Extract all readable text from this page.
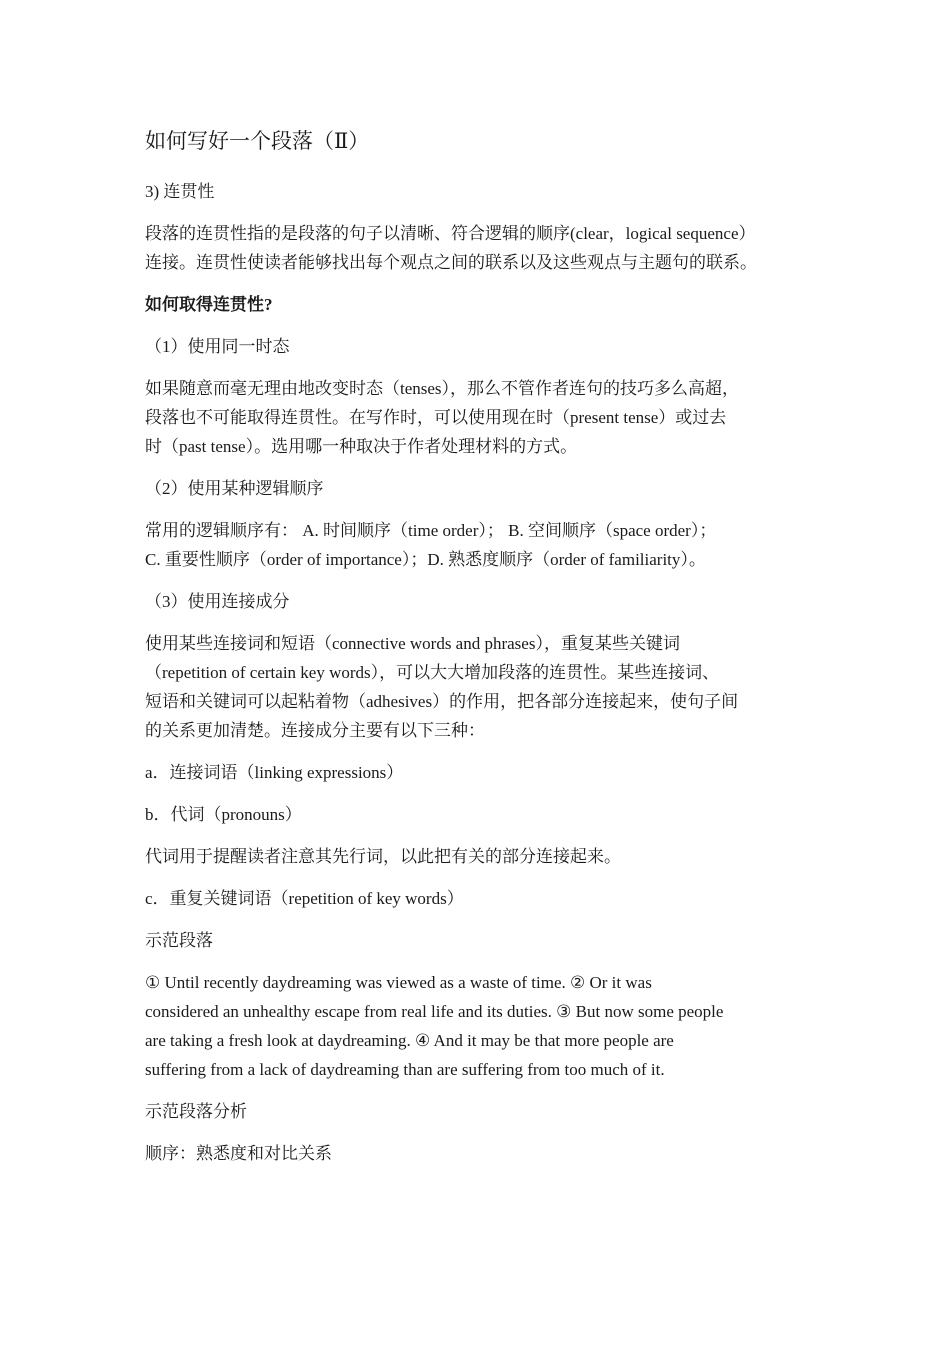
如何写好一个段落（Ⅱ）
3) 连贯性
段落的连贯性指的是段落的句子以清晰、符合逻辑的顺序(clear，logical sequence）
连接。连贯性使读者能够找出每个观点之间的联系以及这些观点与主题句的联系。
如何取得连贯性?
（1）使用同一时态
如果随意而毫无理由地改变时态（tenses），那么不管作者连句的技巧多么高超，
段落也不可能取得连贯性。在写作时，可以使用现在时（present tense）或过去
时（past tense）。选用哪一种取决于作者处理材料的方式。
（2）使用某种逻辑顺序
常用的逻辑顺序有： A. 时间顺序（time order）； B. 空间顺序（space order）；
C. 重要性顺序（order of importance）；D. 熟悉度顺序（order of familiarity）。
（3）使用连接成分
使用某些连接词和短语（connective words and phrases），重复某些关键词
（repetition of certain key words），可以大大增加段落的连贯性。某些连接词、
短语和关键词可以起粘着物（adhesives）的作用，把各部分连接起来，使句子间
的关系更加清楚。连接成分主要有以下三种：
a．连接词语（linking expressions）
b．代词（pronouns）
代词用于提醒读者注意其先行词，以此把有关的部分连接起来。
c．重复关键词语（repetition of key words）
示范段落
① Until recently daydreaming was viewed as a waste of time. ② Or it was
considered an unhealthy escape from real life and its duties. ③ But now some people
are taking a fresh look at daydreaming. ④ And it may be that more people are
suffering from a lack of daydreaming than are suffering from too much of it.
示范段落分析
顺序：熟悉度和对比关系
